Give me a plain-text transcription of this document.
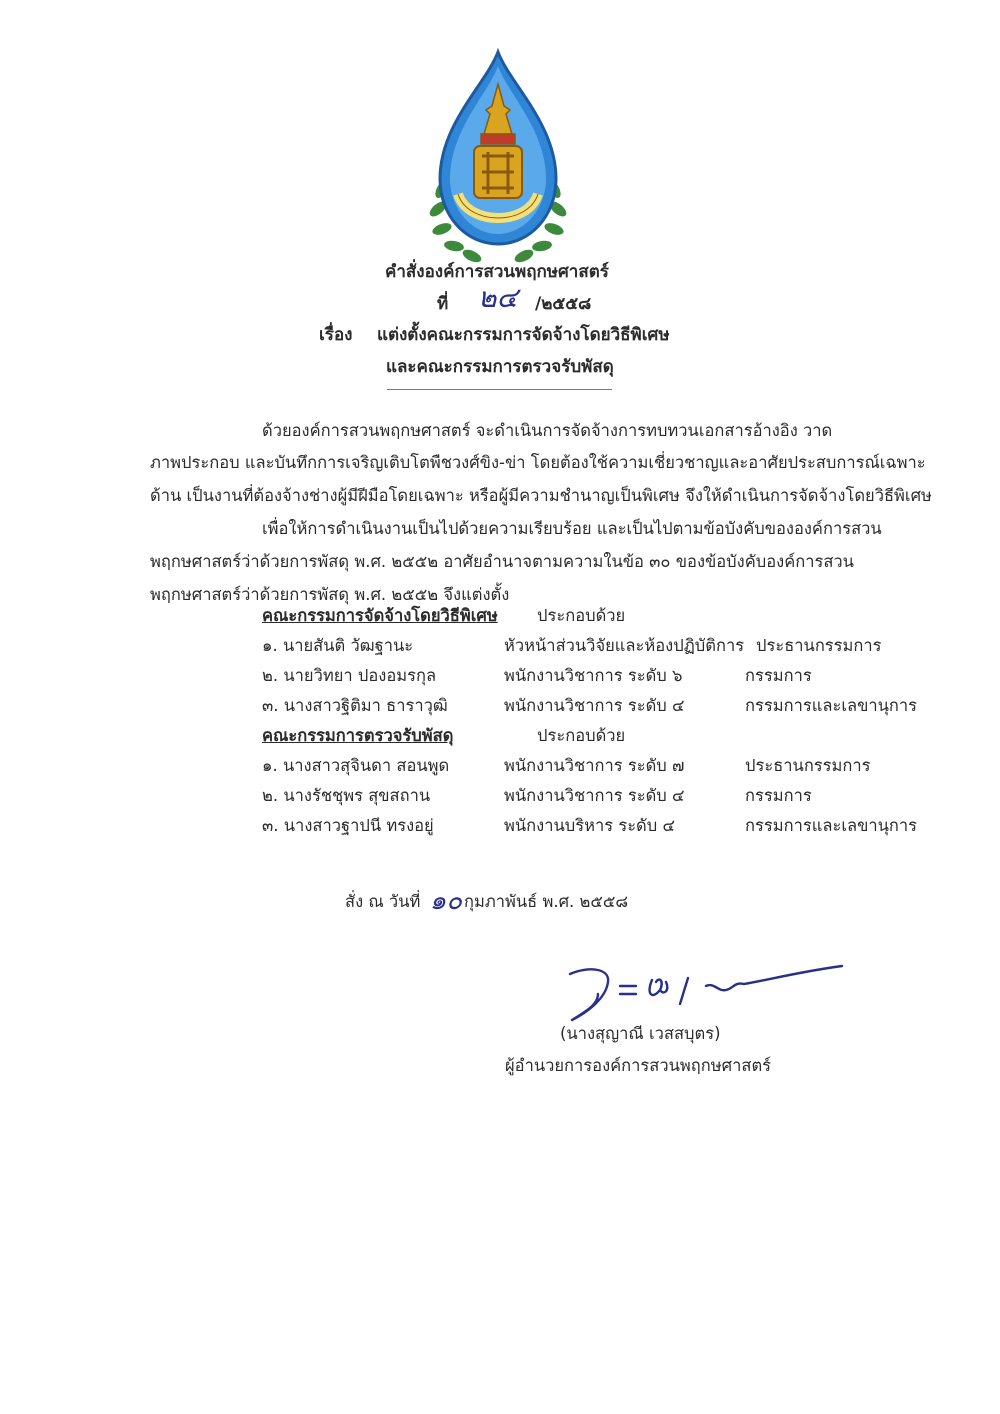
คำสั่งองค์การสวนพฤกษศาสตร์
ที่ ๒๔ /๒๕๕๘
เรื่อง แต่งตั้งคณะกรรมการจัดจ้างโดยวิธีพิเศษ
และคณะกรรมการตรวจรับพัสดุ
ด้วยองค์การสวนพฤกษศาสตร์ จะดำเนินการจัดจ้างการทบทวนเอกสารอ้างอิง วาด
ภาพประกอบ และบันทึกการเจริญเติบโตพืชวงศ์ขิง-ข่า โดยต้องใช้ความเชี่ยวชาญและอาศัยประสบการณ์เฉพาะ
ด้าน เป็นงานที่ต้องจ้างช่างผู้มีฝีมือโดยเฉพาะ หรือผู้มีความชำนาญเป็นพิเศษ จึงให้ดำเนินการจัดจ้างโดยวิธีพิเศษ
เพื่อให้การดำเนินงานเป็นไปด้วยความเรียบร้อย และเป็นไปตามข้อบังคับขององค์การสวน
พฤกษศาสตร์ว่าด้วยการพัสดุ พ.ศ. ๒๕๕๒ อาศัยอำนาจตามความในข้อ ๓๐ ของข้อบังคับองค์การสวน
พฤกษศาสตร์ว่าด้วยการพัสดุ พ.ศ. ๒๕๕๒ จึงแต่งตั้ง
คณะกรรมการจัดจ้างโดยวิธีพิเศษ ประกอบด้วย
๑. นายสันติ วัฒฐานะ	หัวหน้าส่วนวิจัยและห้องปฏิบัติการ ประธานกรรมการ
๒. นายวิทยา ปองอมรกุล	พนักงานวิชาการ ระดับ ๖	กรรมการ
๓. นางสาวฐิติมา ธาราวุฒิ	พนักงานวิชาการ ระดับ ๔	กรรมการและเลขานุการ
คณะกรรมการตรวจรับพัสดุ	ประกอบด้วย
๑. นางสาวสุจินดา สอนพูด	พนักงานวิชาการ ระดับ ๗	ประธานกรรมการ
๒. นางรัชชุพร สุขสถาน	พนักงานวิชาการ ระดับ ๔	กรรมการ
๓. นางสาวฐาปนี ทรงอยู่	พนักงานบริหาร ระดับ ๔	กรรมการและเลขานุการ
สั่ง ณ วันที่ ๑๐ กุมภาพันธ์ พ.ศ. ๒๕๕๘
(นางสุญาณี เวสสบุตร)
ผู้อำนวยการองค์การสวนพฤกษศาสตร์
